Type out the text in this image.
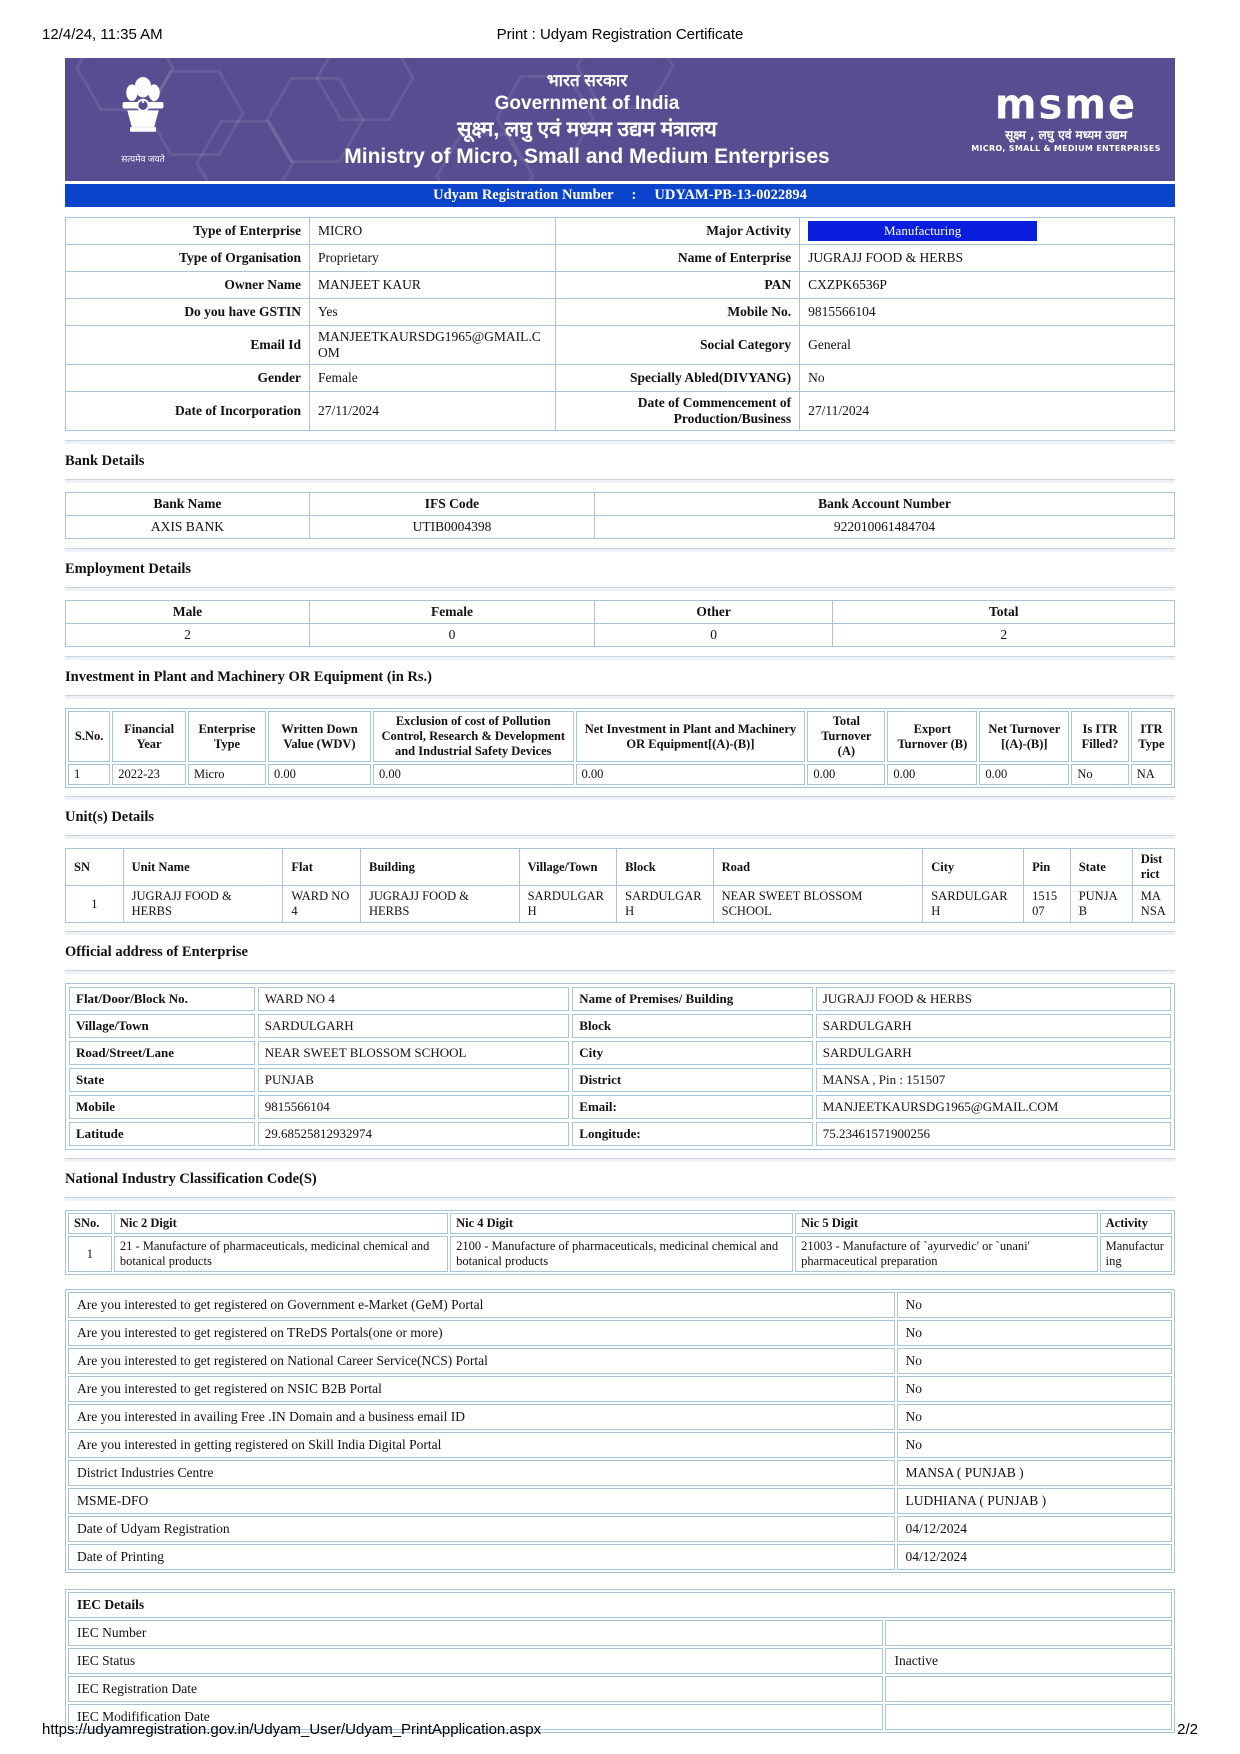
12/4/24, 11:35 AM	Print : Udyam Registration Certificate
सत्यमेव जयते
भारत सरकार
Government of India
सूक्ष्म, लघु एवं मध्यम उद्यम मंत्रालय
Ministry of Micro, Small and Medium Enterprises
msme
सूक्ष्म , लघु एवं मध्यम उद्यम
MICRO, SMALL & MEDIUM ENTERPRISES
Udyam Registration Number : UDYAM-PB-13-0022894
Type of Enterprise	MICRO	Major Activity	Manufacturing

Type of Organisation	Proprietary	Name of Enterprise	JUGRAJJ FOOD & HERBS
Owner Name	MANJEET KAUR	PAN	CXZPK6536P
Do you have GSTIN	Yes	Mobile No.	9815566104
Email Id	MANJEETKAURSDG1965@GMAIL.COM	Social Category	General
Gender	Female	Specially Abled(DIVYANG)	No
Date of Incorporation	27/11/2024	Date of Commencement of Production/Business	27/11/2024
Bank Details
Bank Name	IFS Code	Bank Account Number
AXIS BANK	UTIB0004398	922010061484704
Employment Details
Male	Female	Other	Total
2	0	0	2
Investment in Plant and Machinery OR Equipment (in Rs.)
S.No.	Financial Year	Enterprise Type	Written Down Value (WDV)	Exclusion of cost of Pollution Control, Research & Development and Industrial Safety Devices	Net Investment in Plant and Machinery OR Equipment[(A)-(B)]	Total Turnover (A)	Export Turnover (B)	Net Turnover [(A)-(B)]	Is ITR Filled?	ITR Type
1	2022-23	Micro	0.00	0.00	0.00	0.00	0.00	0.00	No	NA
Unit(s) Details
SN	Unit Name	Flat	Building	Village/Town	Block	Road	City	Pin	State	District
1	JUGRAJJ FOOD & HERBS	WARD NO 4	JUGRAJJ FOOD & HERBS	SARDULGARH	SARDULGARH	NEAR SWEET BLOSSOM SCHOOL	SARDULGARH	151507	PUNJAB	MANSA
Official address of Enterprise
Flat/Door/Block No.	WARD NO 4	Name of Premises/ Building	JUGRAJJ FOOD & HERBS
Village/Town	SARDULGARH	Block	SARDULGARH
Road/Street/Lane	NEAR SWEET BLOSSOM SCHOOL	City	SARDULGARH
State	PUNJAB	District	MANSA , Pin : 151507
Mobile	9815566104	Email:	MANJEETKAURSDG1965@GMAIL.COM
Latitude	29.68525812932974	Longitude:	75.23461571900256
National Industry Classification Code(S)
SNo.	Nic 2 Digit	Nic 4 Digit	Nic 5 Digit	Activity
1	21 - Manufacture of pharmaceuticals, medicinal chemical and botanical products	2100 - Manufacture of pharmaceuticals, medicinal chemical and botanical products	21003 - Manufacture of `ayurvedic' or `unani' pharmaceutical preparation	Manufacturing
Are you interested to get registered on Government e-Market (GeM) Portal	No
Are you interested to get registered on TReDS Portals(one or more)	No
Are you interested to get registered on National Career Service(NCS) Portal	No
Are you interested to get registered on NSIC B2B Portal	No
Are you interested in availing Free .IN Domain and a business email ID	No
Are you interested in getting registered on Skill India Digital Portal	No
District Industries Centre	MANSA ( PUNJAB )
MSME-DFO	LUDHIANA ( PUNJAB )
Date of Udyam Registration	04/12/2024
Date of Printing	04/12/2024
IEC Details	
IEC Number	
IEC Status	Inactive
IEC Registration Date	
IEC Modifification Date	
https://udyamregistration.gov.in/Udyam_User/Udyam_PrintApplication.aspx	2/2
